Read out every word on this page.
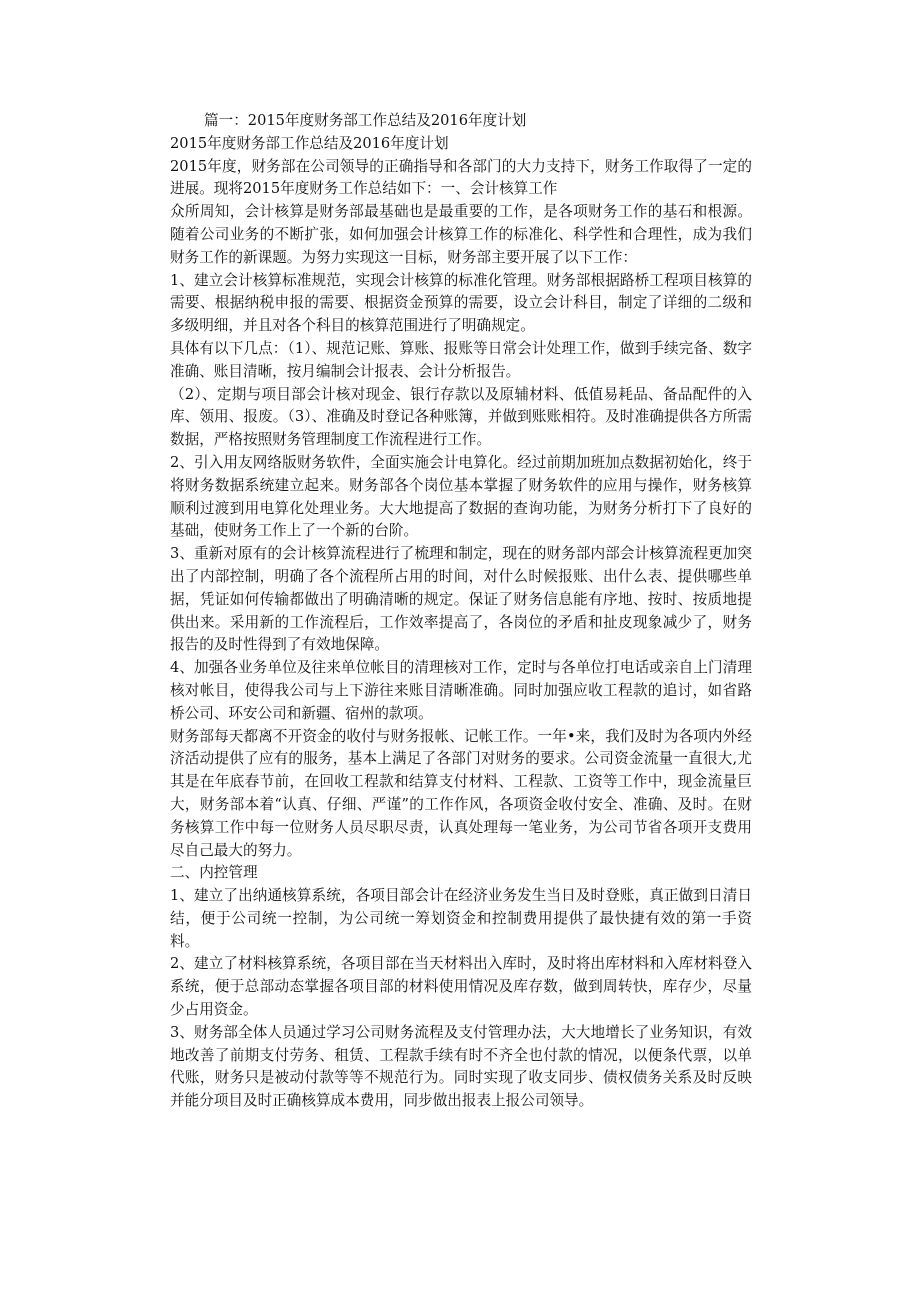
篇一：2015年度财务部工作总结及2016年度计划

2015年度财务部工作总结及2016年度计划

2015年度，财务部在公司领导的正确指导和各部门的大力支持下，财务工作取得了一定的进展。现将2015年度财务工作总结如下：一、会计核算工作

众所周知，会计核算是财务部最基础也是最重要的工作，是各项财务工作的基石和根源。随着公司业务的不断扩张，如何加强会计核算工作的标准化、科学性和合理性，成为我们财务工作的新课题。为努力实现这一目标，财务部主要开展了以下工作：

1、建立会计核算标准规范，实现会计核算的标准化管理。财务部根据路桥工程项目核算的需要、根据纳税申报的需要、根据资金预算的需要，设立会计科目，制定了详细的二级和多级明细，并且对各个科目的核算范围进行了明确规定。

具体有以下几点：（1）、规范记账、算账、报账等日常会计处理工作，做到手续完备、数字准确、账目清晰，按月编制会计报表、会计分析报告。

（2）、定期与项目部会计核对现金、银行存款以及原辅材料、低值易耗品、备品配件的入库、领用、报废。（3）、准确及时登记各种账簿，并做到账账相符。及时准确提供各方所需数据，严格按照财务管理制度工作流程进行工作。

2、引入用友网络版财务软件，全面实施会计电算化。经过前期加班加点数据初始化，终于将财务数据系统建立起来。财务部各个岗位基本掌握了财务软件的应用与操作，财务核算顺利过渡到用电算化处理业务。大大地提高了数据的查询功能，为财务分析打下了良好的基础，使财务工作上了一个新的台阶。

3、重新对原有的会计核算流程进行了梳理和制定，现在的财务部内部会计核算流程更加突出了内部控制，明确了各个流程所占用的时间，对什么时候报账、出什么表、提供哪些单据，凭证如何传输都做出了明确清晰的规定。保证了财务信息能有序地、按时、按质地提供出来。采用新的工作流程后，工作效率提高了，各岗位的矛盾和扯皮现象减少了，财务报告的及时性得到了有效地保障。

4、加强各业务单位及往来单位帐目的清理核对工作，定时与各单位打电话或亲自上门清理核对帐目，使得我公司与上下游往来账目清晰准确。同时加强应收工程款的追讨，如省路桥公司、环安公司和新疆、宿州的款项。

财务部每天都离不开资金的收付与财务报帐、记帐工作。一年•来，我们及时为各项内外经济活动提供了应有的服务，基本上满足了各部门对财务的要求。公司资金流量一直很大,尤其是在年底春节前，在回收工程款和结算支付材料、工程款、工资等工作中，现金流量巨大，财务部本着“认真、仔细、严谨”的工作作风，各项资金收付安全、准确、及时。在财务核算工作中每一位财务人员尽职尽责，认真处理每一笔业务，为公司节省各项开支费用尽自己最大的努力。

二、内控管理

1、建立了出纳通核算系统，各项目部会计在经济业务发生当日及时登账，真正做到日清日结，便于公司统一控制，为公司统一筹划资金和控制费用提供了最快捷有效的第一手资料。

2、建立了材料核算系统，各项目部在当天材料出入库时，及时将出库材料和入库材料登入系统，便于总部动态掌握各项目部的材料使用情况及库存数，做到周转快，库存少，尽量少占用资金。

3、财务部全体人员通过学习公司财务流程及支付管理办法，大大地增长了业务知识，有效地改善了前期支付劳务、租赁、工程款手续有时不齐全也付款的情况，以便条代票，以单代账，财务只是被动付款等等不规范行为。同时实现了收支同步、债权债务关系及时反映并能分项目及时正确核算成本费用，同步做出报表上报公司领导。
